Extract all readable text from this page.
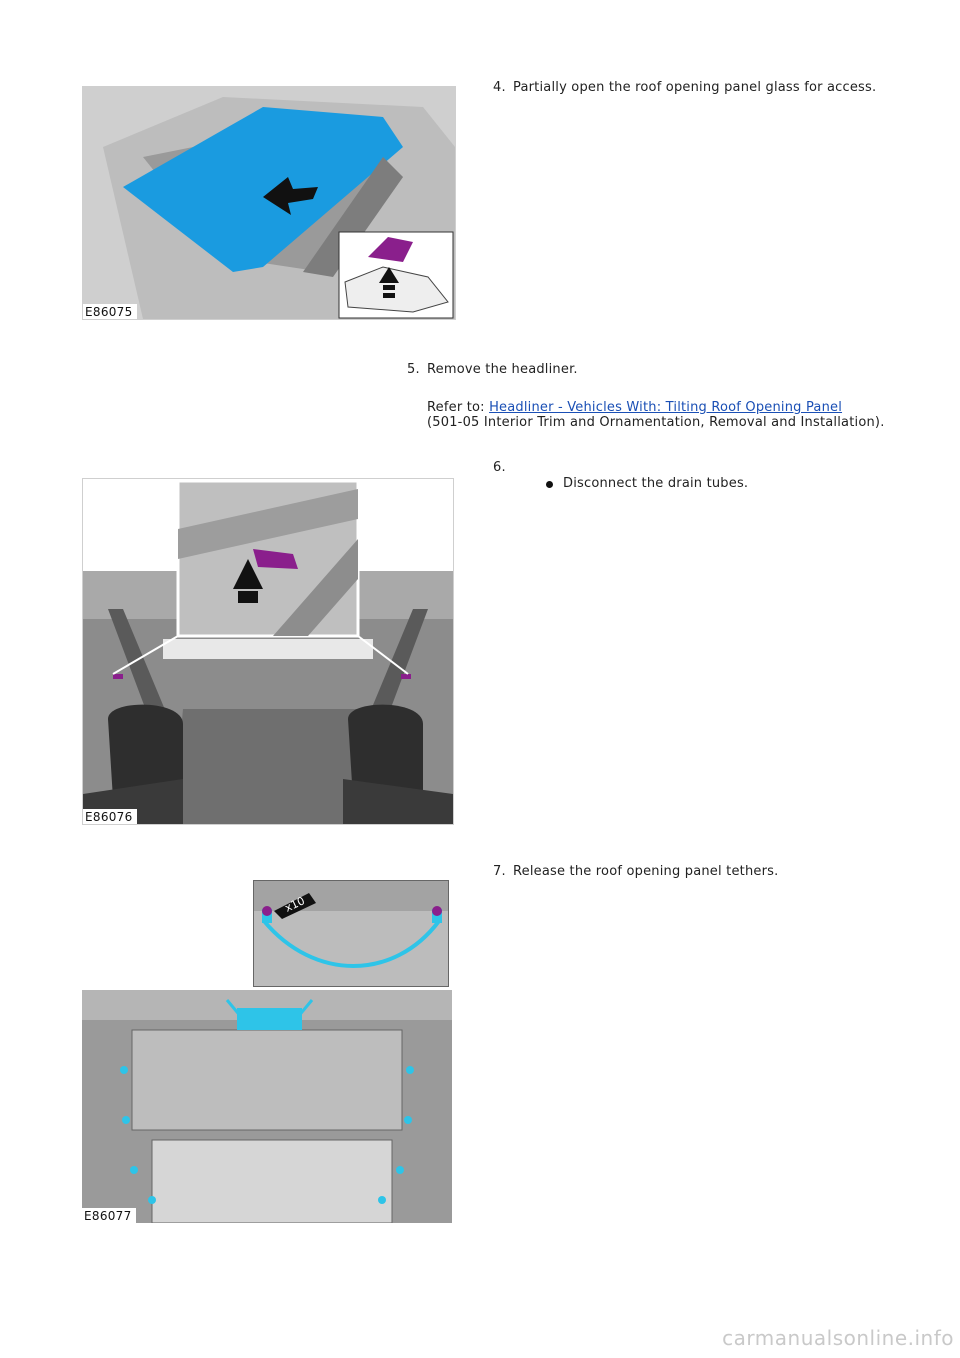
E86075
4. Partially open the roof opening panel glass for access.
5. Remove the headliner.
Refer to: Headliner - Vehicles With: Tilting Roof Opening Panel
(501-05 Interior Trim and Ornamentation, Removal and Installation).
E86076
6.
Disconnect the drain tubes.
E86077
x10
7. Release the roof opening panel tethers.
carmanualsonline.info
